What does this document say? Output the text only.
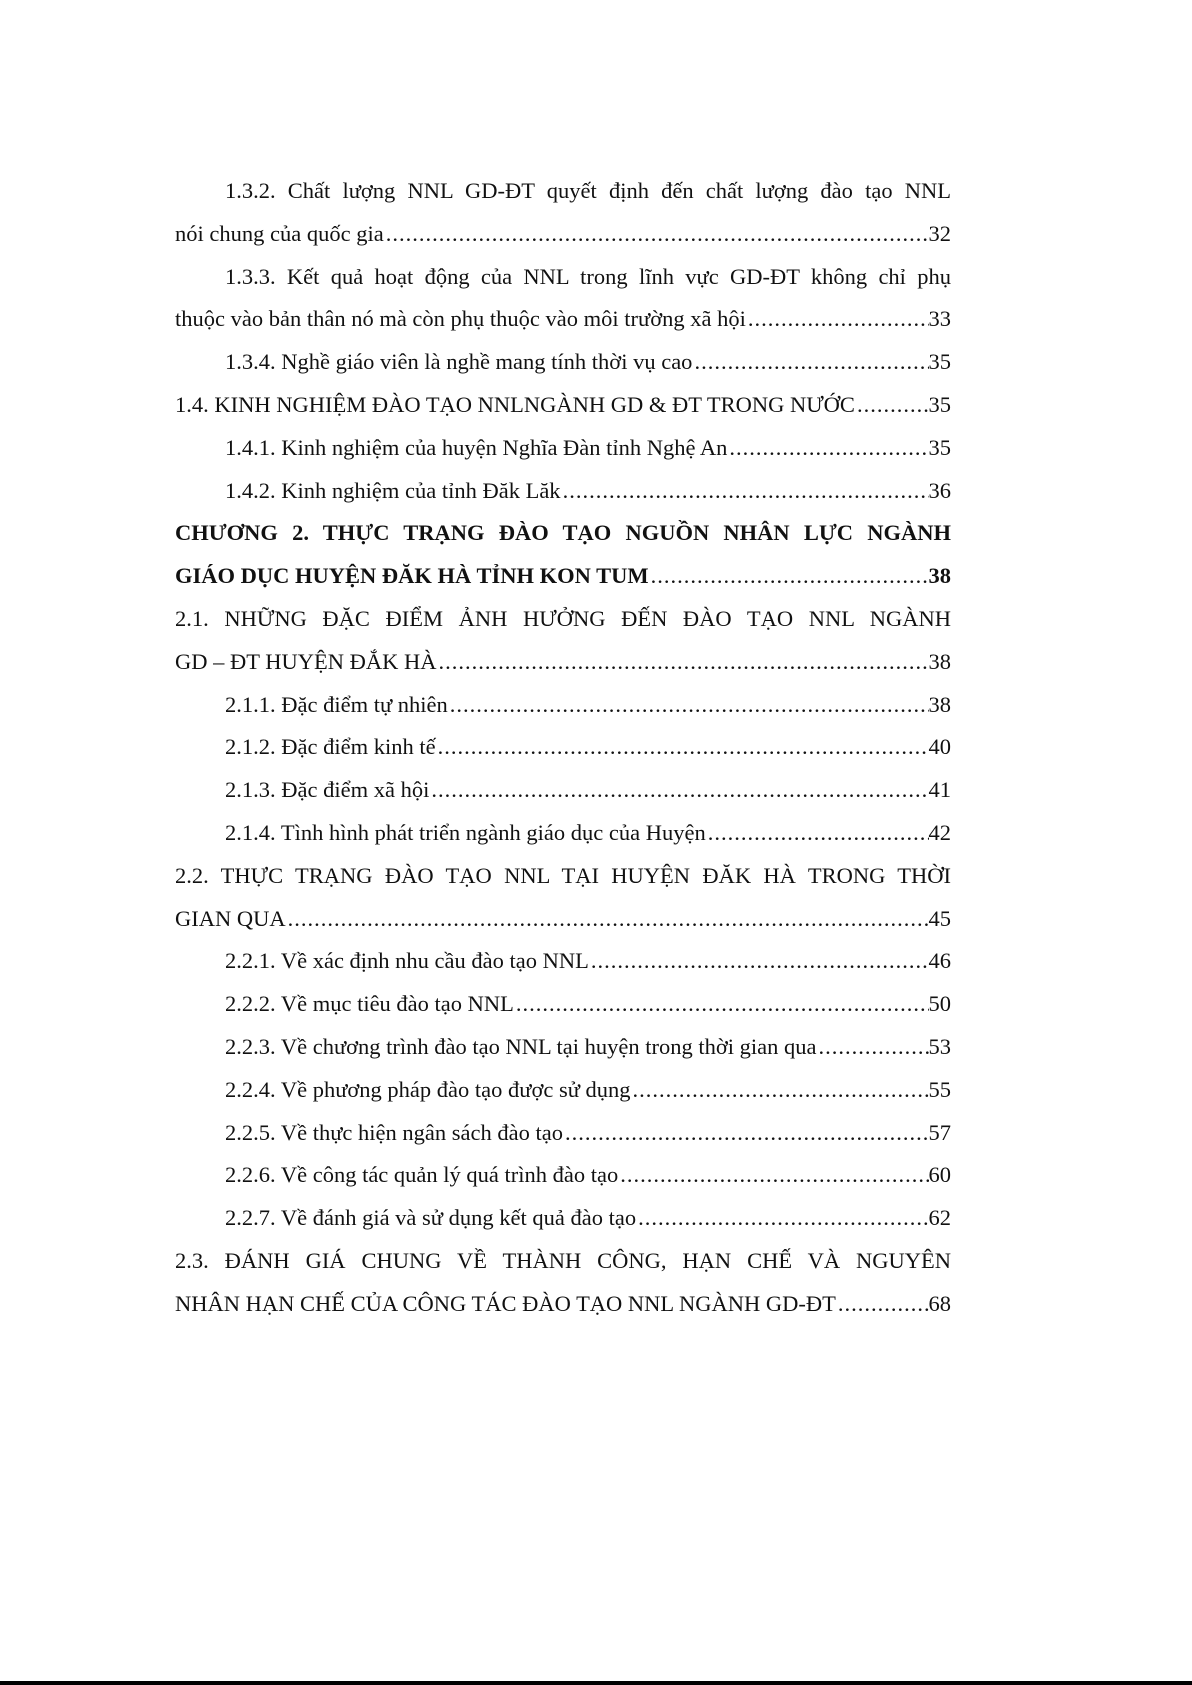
1.3.2. Chất lượng NNL GD-ĐT quyết định đến chất lượng đào tạo NNL
nói chung của quốc gia .....	32
1.3.3. Kết quả hoạt động của NNL trong lĩnh vực GD-ĐT không chỉ phụ
thuộc vào bản thân nó mà còn phụ thuộc vào môi trường xã hội .....	33
1.3.4. Nghề giáo viên là nghề mang tính thời vụ cao .....	35
1.4. KINH NGHIỆM ĐÀO TẠO NNLNGÀNH GD & ĐT TRONG NƯỚC .....	35
1.4.1. Kinh nghiệm của huyện Nghĩa Đàn tỉnh Nghệ An .....	35
1.4.2. Kinh nghiệm của tỉnh Đăk Lăk .....	36
CHƯƠNG 2. THỰC TRẠNG ĐÀO TẠO NGUỒN NHÂN LỰC NGÀNH
GIÁO DỤC HUYỆN ĐĂK HÀ TỈNH KON TUM .....	38
2.1. NHỮNG ĐẶC ĐIỂM ẢNH HƯỞNG ĐẾN ĐÀO TẠO NNL NGÀNH
GD – ĐT HUYỆN ĐẮK HÀ .....	38
2.1.1. Đặc điểm tự nhiên .....	38
2.1.2. Đặc điểm kinh tế .....	40
2.1.3. Đặc điểm xã hội .....	41
2.1.4. Tình hình phát triển ngành giáo dục của Huyện .....	42
2.2. THỰC TRẠNG ĐÀO TẠO NNL TẠI HUYỆN ĐĂK HÀ TRONG THỜI
GIAN QUA .....	45
2.2.1. Về xác định nhu cầu đào tạo NNL .....	46
2.2.2. Về mục tiêu đào tạo NNL .....	50
2.2.3. Về chương trình đào tạo NNL tại huyện trong thời gian qua .....	53
2.2.4. Về phương pháp đào tạo được sử dụng .....	55
2.2.5. Về thực hiện ngân sách đào tạo .....	57
2.2.6. Về công tác quản lý quá trình đào tạo .....	60
2.2.7. Về đánh giá và sử dụng kết quả đào tạo .....	62
2.3. ĐÁNH GIÁ CHUNG VỀ THÀNH CÔNG, HẠN CHẾ VÀ NGUYÊN
NHÂN HẠN CHẾ CỦA CÔNG TÁC ĐÀO TẠO NNL NGÀNH GD-ĐT .....	68
